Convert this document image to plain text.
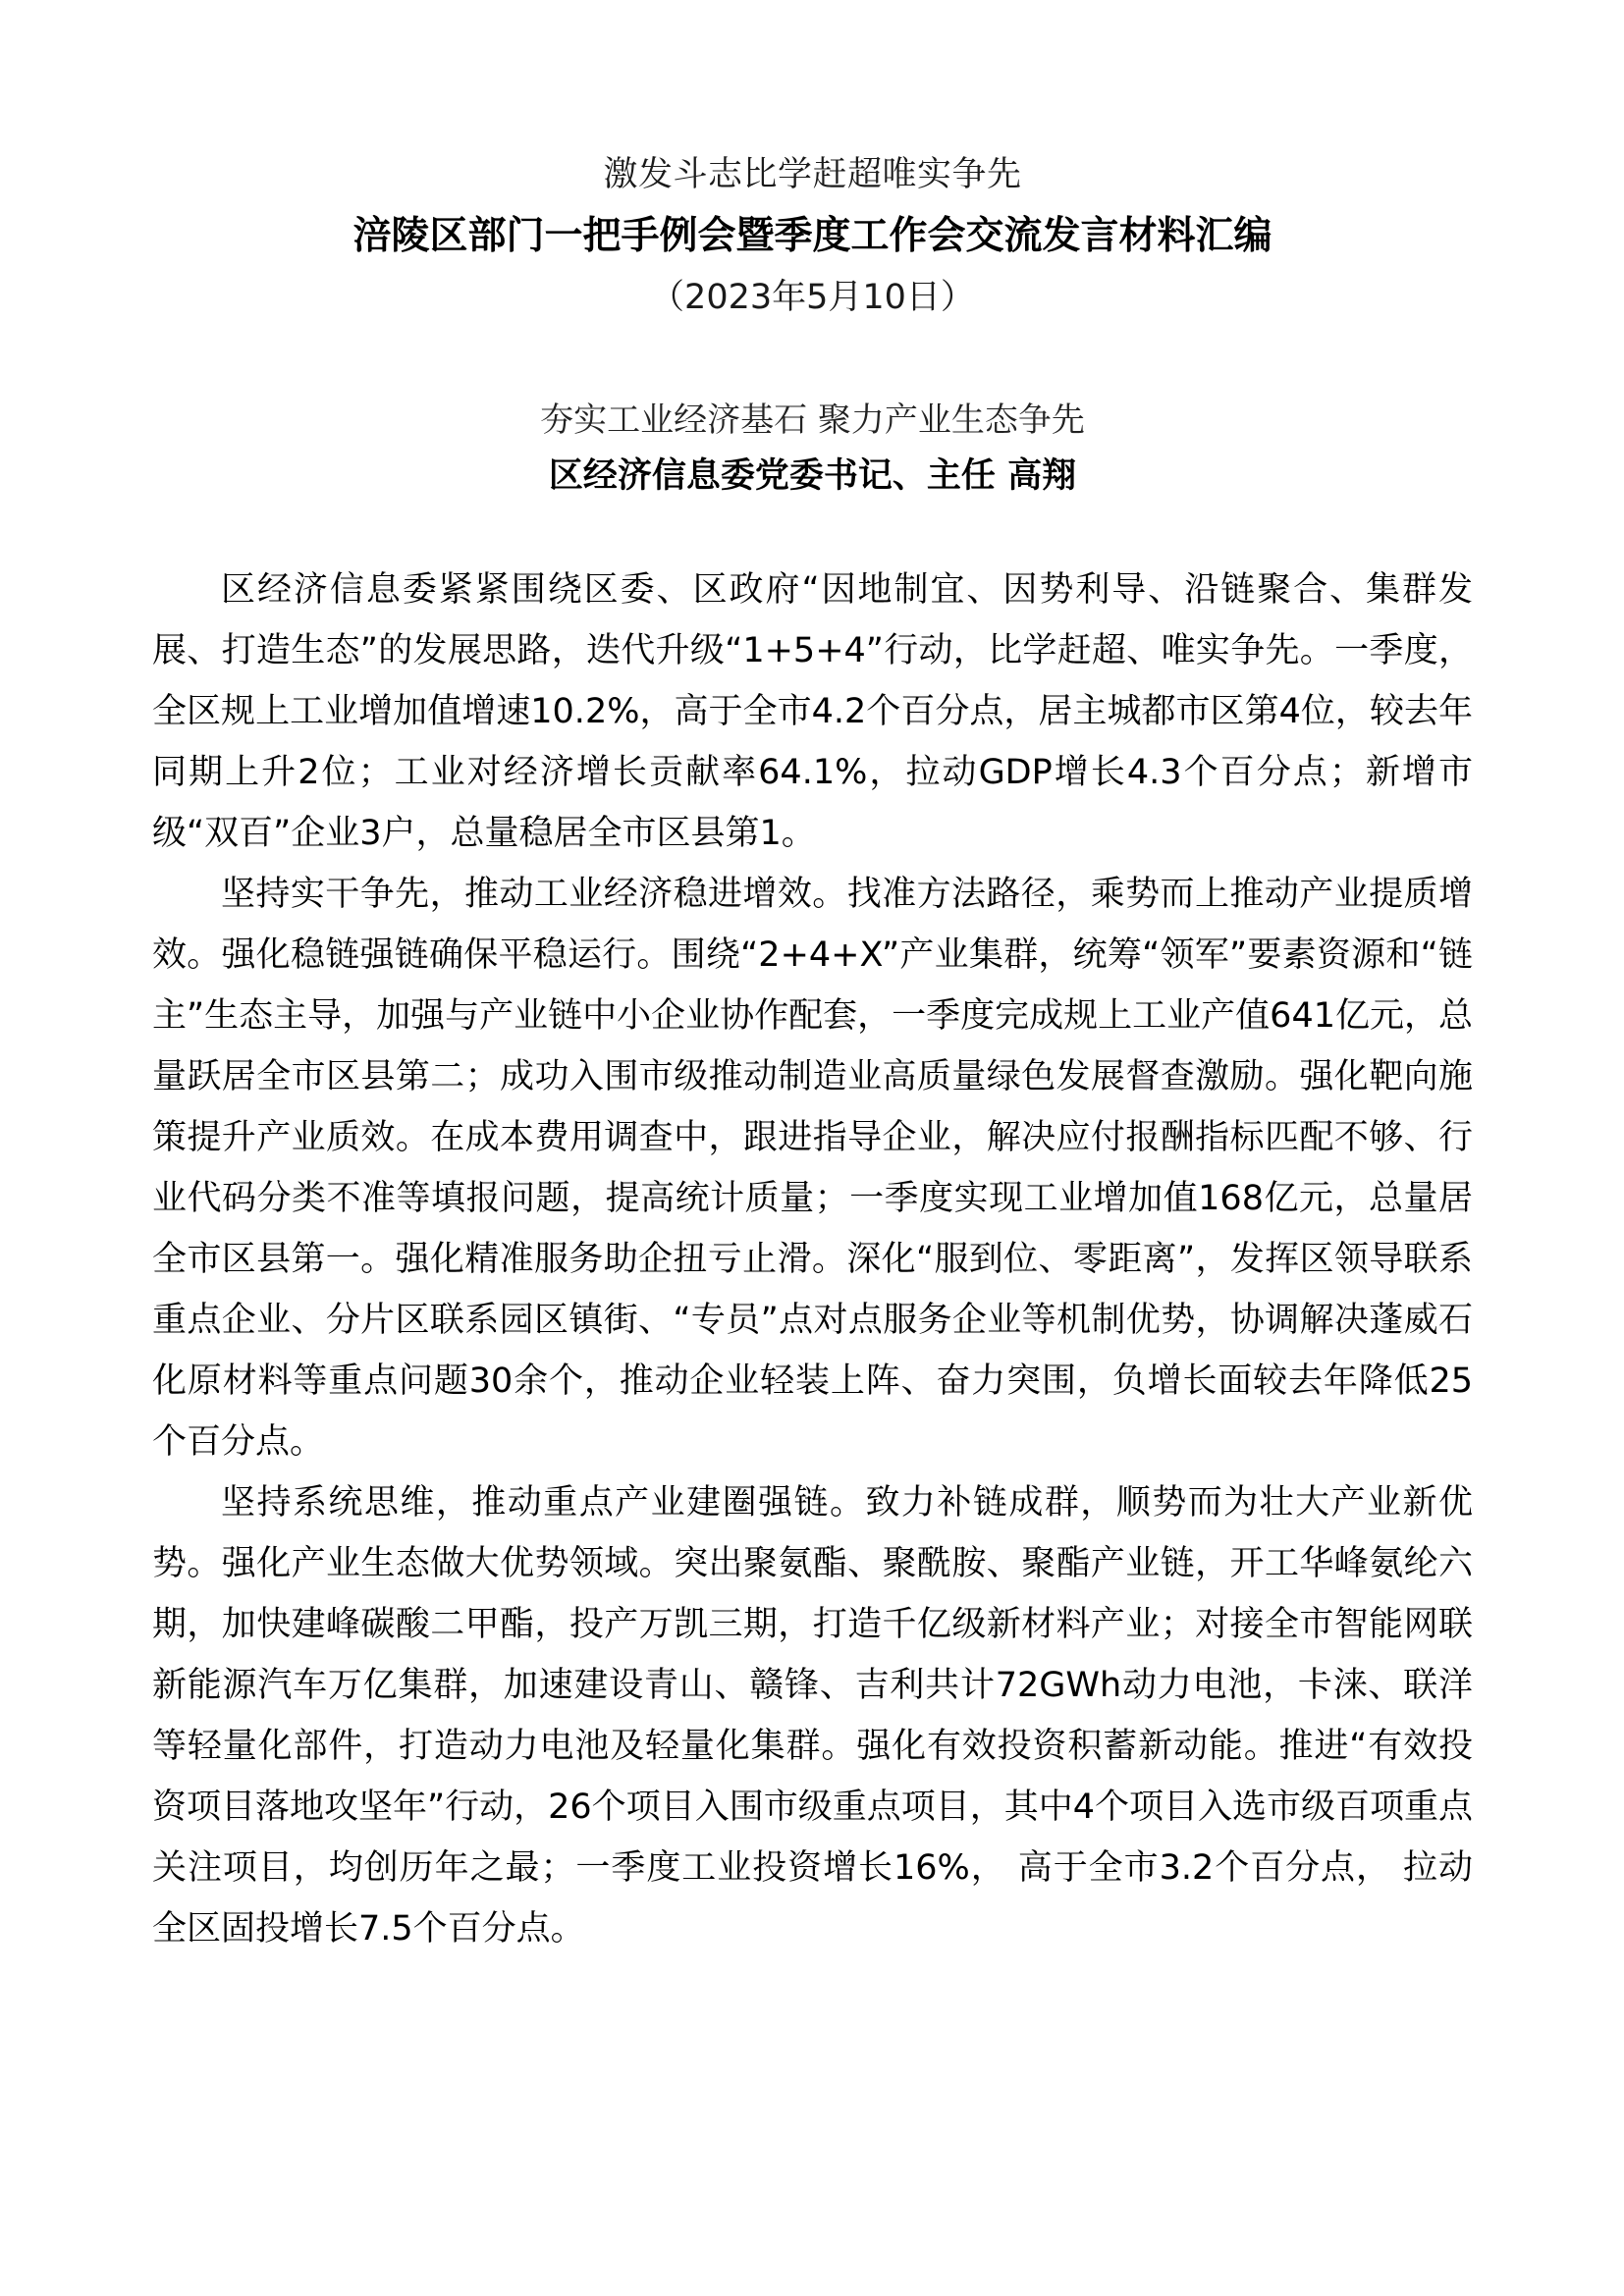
激发斗志比学赶超唯实争先
涪陵区部门一把手例会暨季度工作会交流发言材料汇编
（2023年5月10日）
夯实工业经济基石 聚力产业生态争先
区经济信息委党委书记、主任 高翔

区经济信息委紧紧围绕区委、区政府“因地制宜、因势利导、沿链聚合、集群发展、打造生态”的发展思路，迭代升级“1+5+4”行动，比学赶超、唯实争先。一季度，全区规上工业增加值增速10.2%，高于全市4.2个百分点，居主城都市区第4位，较去年同期上升2位；工业对经济增长贡献率64.1%，拉动GDP增长4.3个百分点；新增市级“双百”企业3户，总量稳居全市区县第1。

坚持实干争先，推动工业经济稳进增效。找准方法路径，乘势而上推动产业提质增效。强化稳链强链确保平稳运行。围绕“2+4+X”产业集群，统筹“领军”要素资源和“链主”生态主导，加强与产业链中小企业协作配套，一季度完成规上工业产值641亿元，总量跃居全市区县第二；成功入围市级推动制造业高质量绿色发展督查激励。强化靶向施策提升产业质效。在成本费用调查中，跟进指导企业，解决应付报酬指标匹配不够、行业代码分类不准等填报问题，提高统计质量；一季度实现工业增加值168亿元，总量居全市区县第一。强化精准服务助企扭亏止滑。深化“服到位、零距离”，发挥区领导联系重点企业、分片区联系园区镇街、“专员”点对点服务企业等机制优势，协调解决蓬威石化原材料等重点问题30余个，推动企业轻装上阵、奋力突围，负增长面较去年降低25个百分点。

坚持系统思维，推动重点产业建圈强链。致力补链成群，顺势而为壮大产业新优势。强化产业生态做大优势领域。突出聚氨酯、聚酰胺、聚酯产业链，开工华峰氨纶六期，加快建峰碳酸二甲酯，投产万凯三期，打造千亿级新材料产业；对接全市智能网联新能源汽车万亿集群，加速建设青山、赣锋、吉利共计72GWh动力电池，卡涞、联洋等轻量化部件，打造动力电池及轻量化集群。强化有效投资积蓄新动能。推进“有效投资项目落地攻坚年”行动，26个项目入围市级重点项目，其中4个项目入选市级百项重点关注项目，均创历年之最；一季度工业投资增长16%， 高于全市3.2个百分点， 拉动全区固投增长7.5个百分点。
